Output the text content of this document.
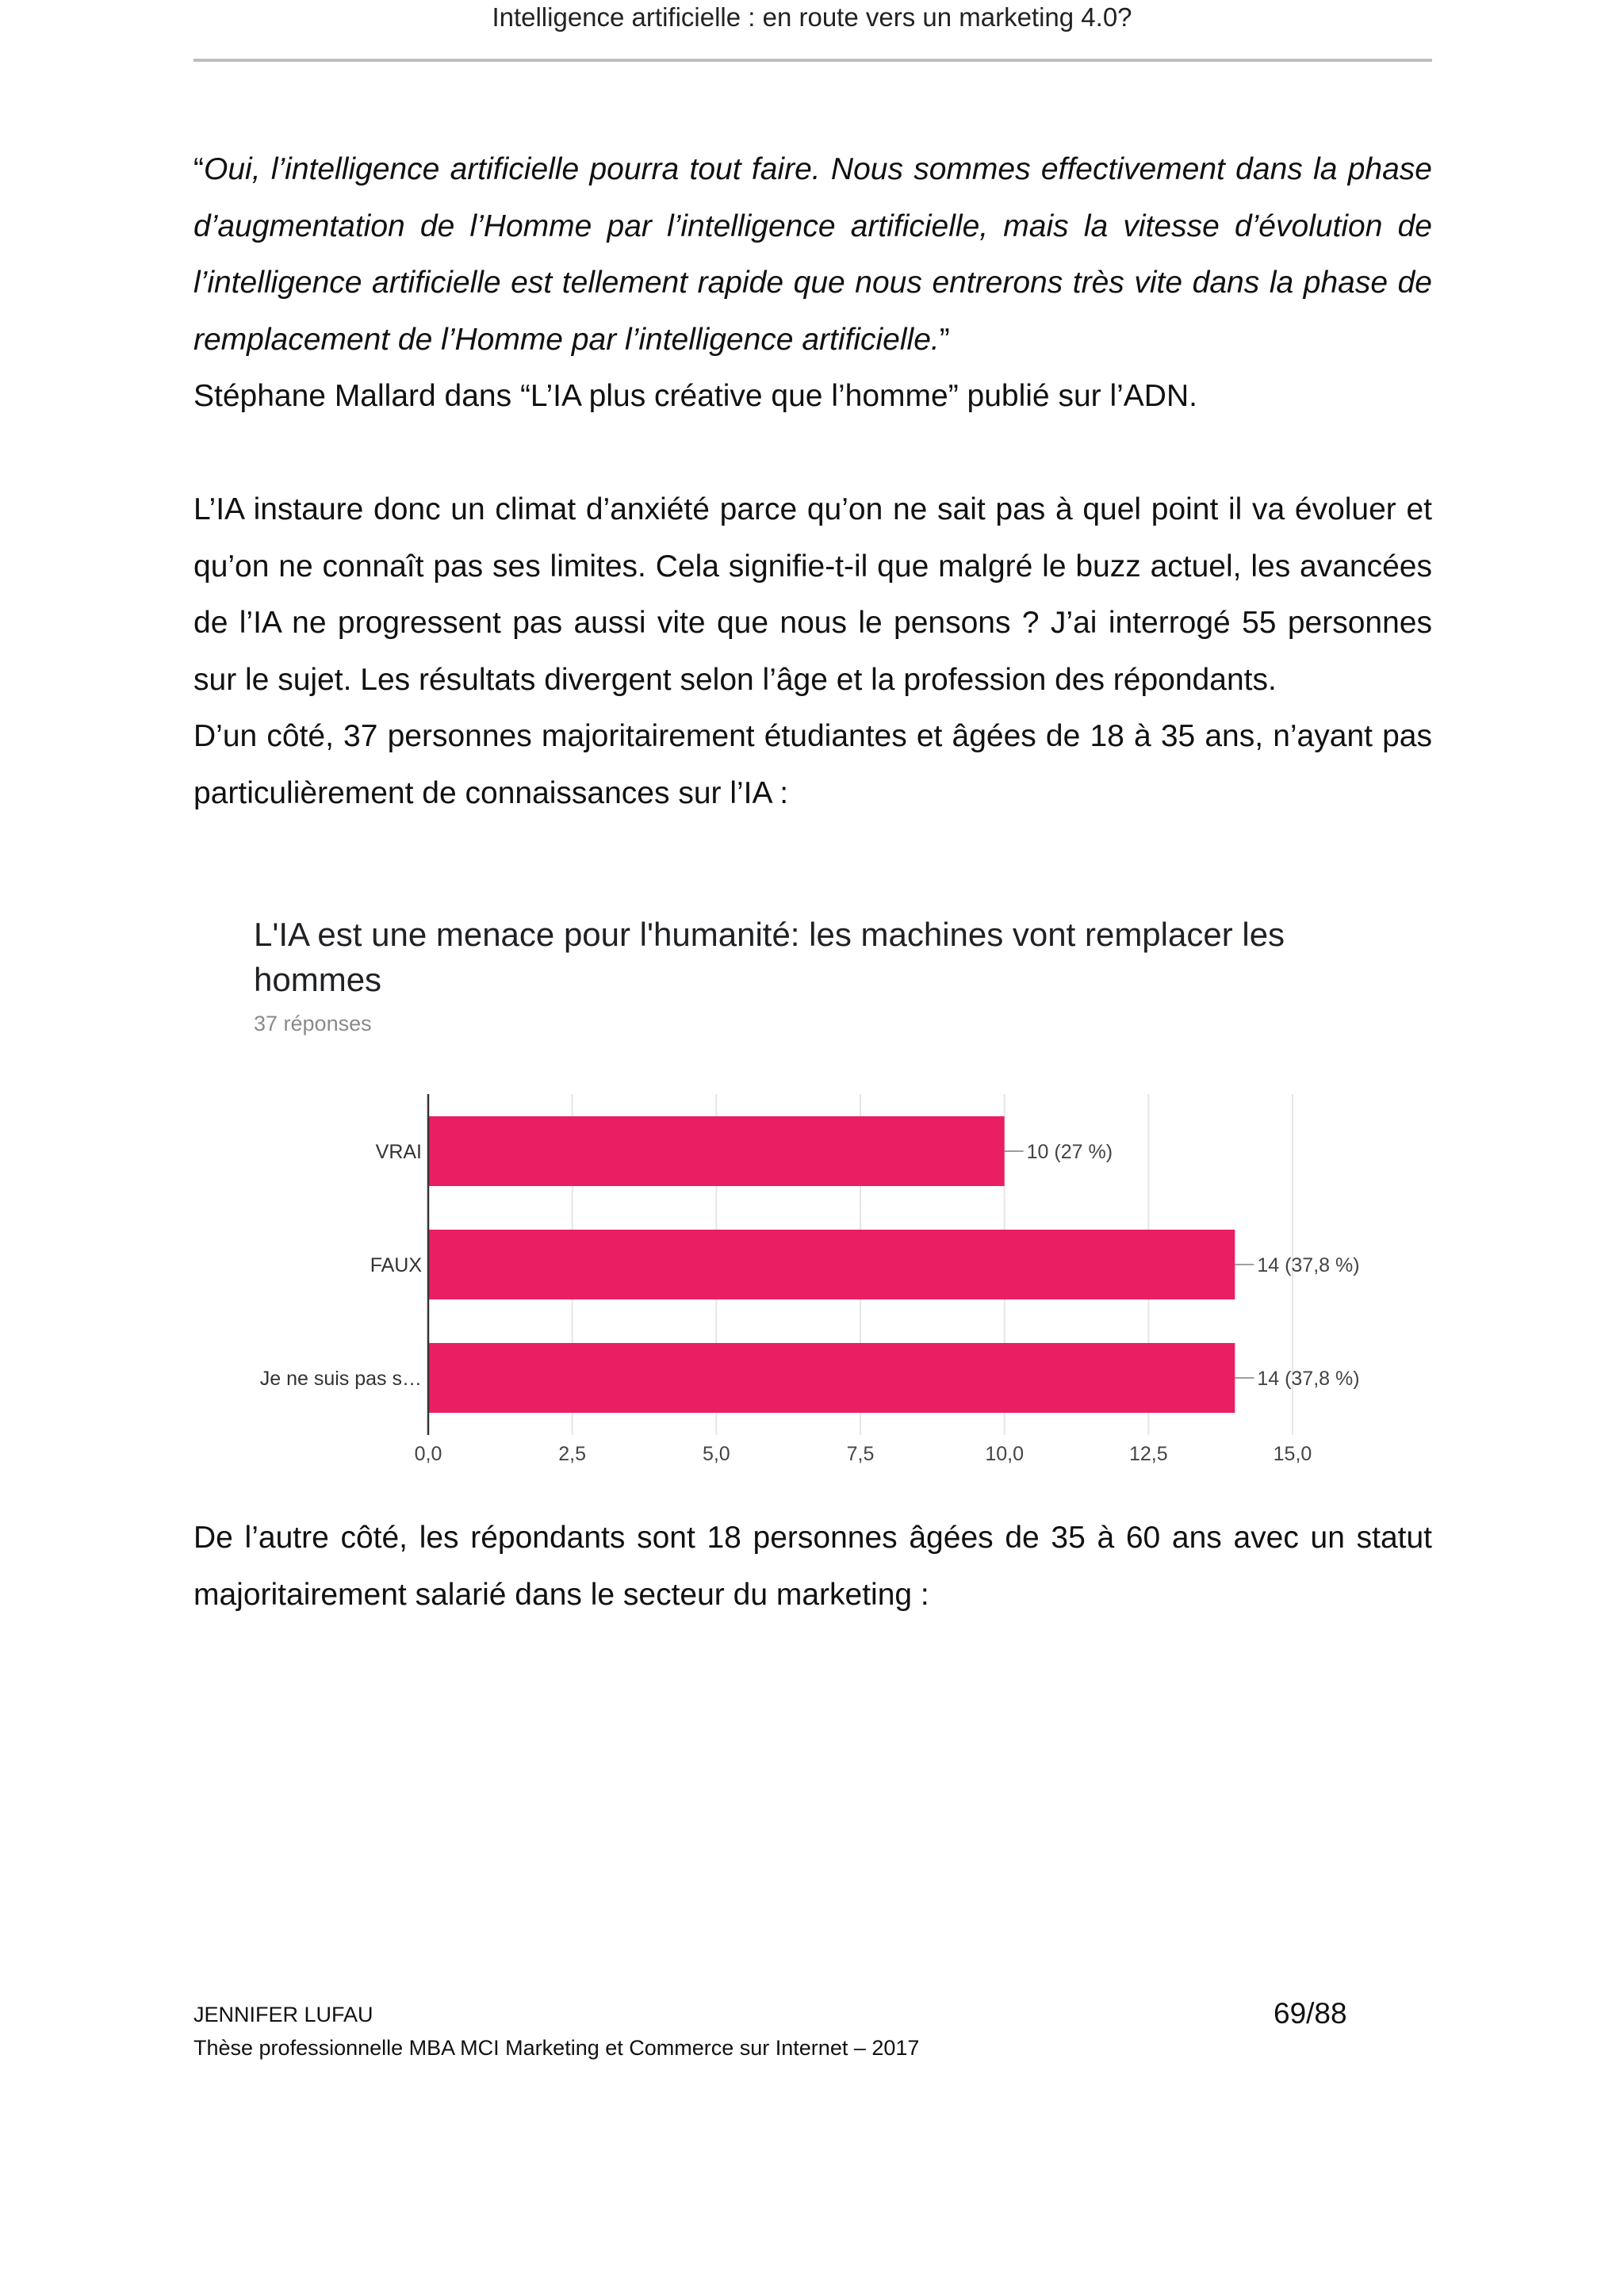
Intelligence artificielle : en route vers un marketing 4.0?
“Oui, l’intelligence artificielle pourra tout faire. Nous sommes effectivement dans la phase d’augmentation de l’Homme par l’intelligence artificielle, mais la vitesse d’évolution de l’intelligence artificielle est tellement rapide que nous entrerons très vite dans la phase de remplacement de l’Homme par l’intelligence artificielle.”
Stéphane Mallard dans “L’IA plus créative que l’homme” publié sur l’ADN.
L’IA instaure donc un climat d’anxiété parce qu’on ne sait pas à quel point il va évoluer et qu’on ne connaît pas ses limites. Cela signifie-t-il que malgré le buzz actuel, les avancées de l’IA ne progressent pas aussi vite que nous le pensons ? J’ai interrogé 55 personnes sur le sujet. Les résultats divergent selon l’âge et la profession des répondants.
D’un côté, 37 personnes majoritairement étudiantes et âgées de 18 à 35 ans, n’ayant pas particulièrement de connaissances sur l’IA :
L'IA est une menace pour l'humanité: les machines vont remplacer les hommes
37 réponses
0,0	2,5	5,0	7,5	10,0	12,5	15,0
VRAI	10 (27 %)
FAUX	14 (37,8 %)
Je ne suis pas s…	14 (37,8 %)
De l’autre côté, les répondants sont 18 personnes âgées de 35 à 60 ans avec un statut majoritairement salarié dans le secteur du marketing :
JENNIFER LUFAU
Thèse professionnelle MBA MCI Marketing et Commerce sur Internet – 2017
69/88
